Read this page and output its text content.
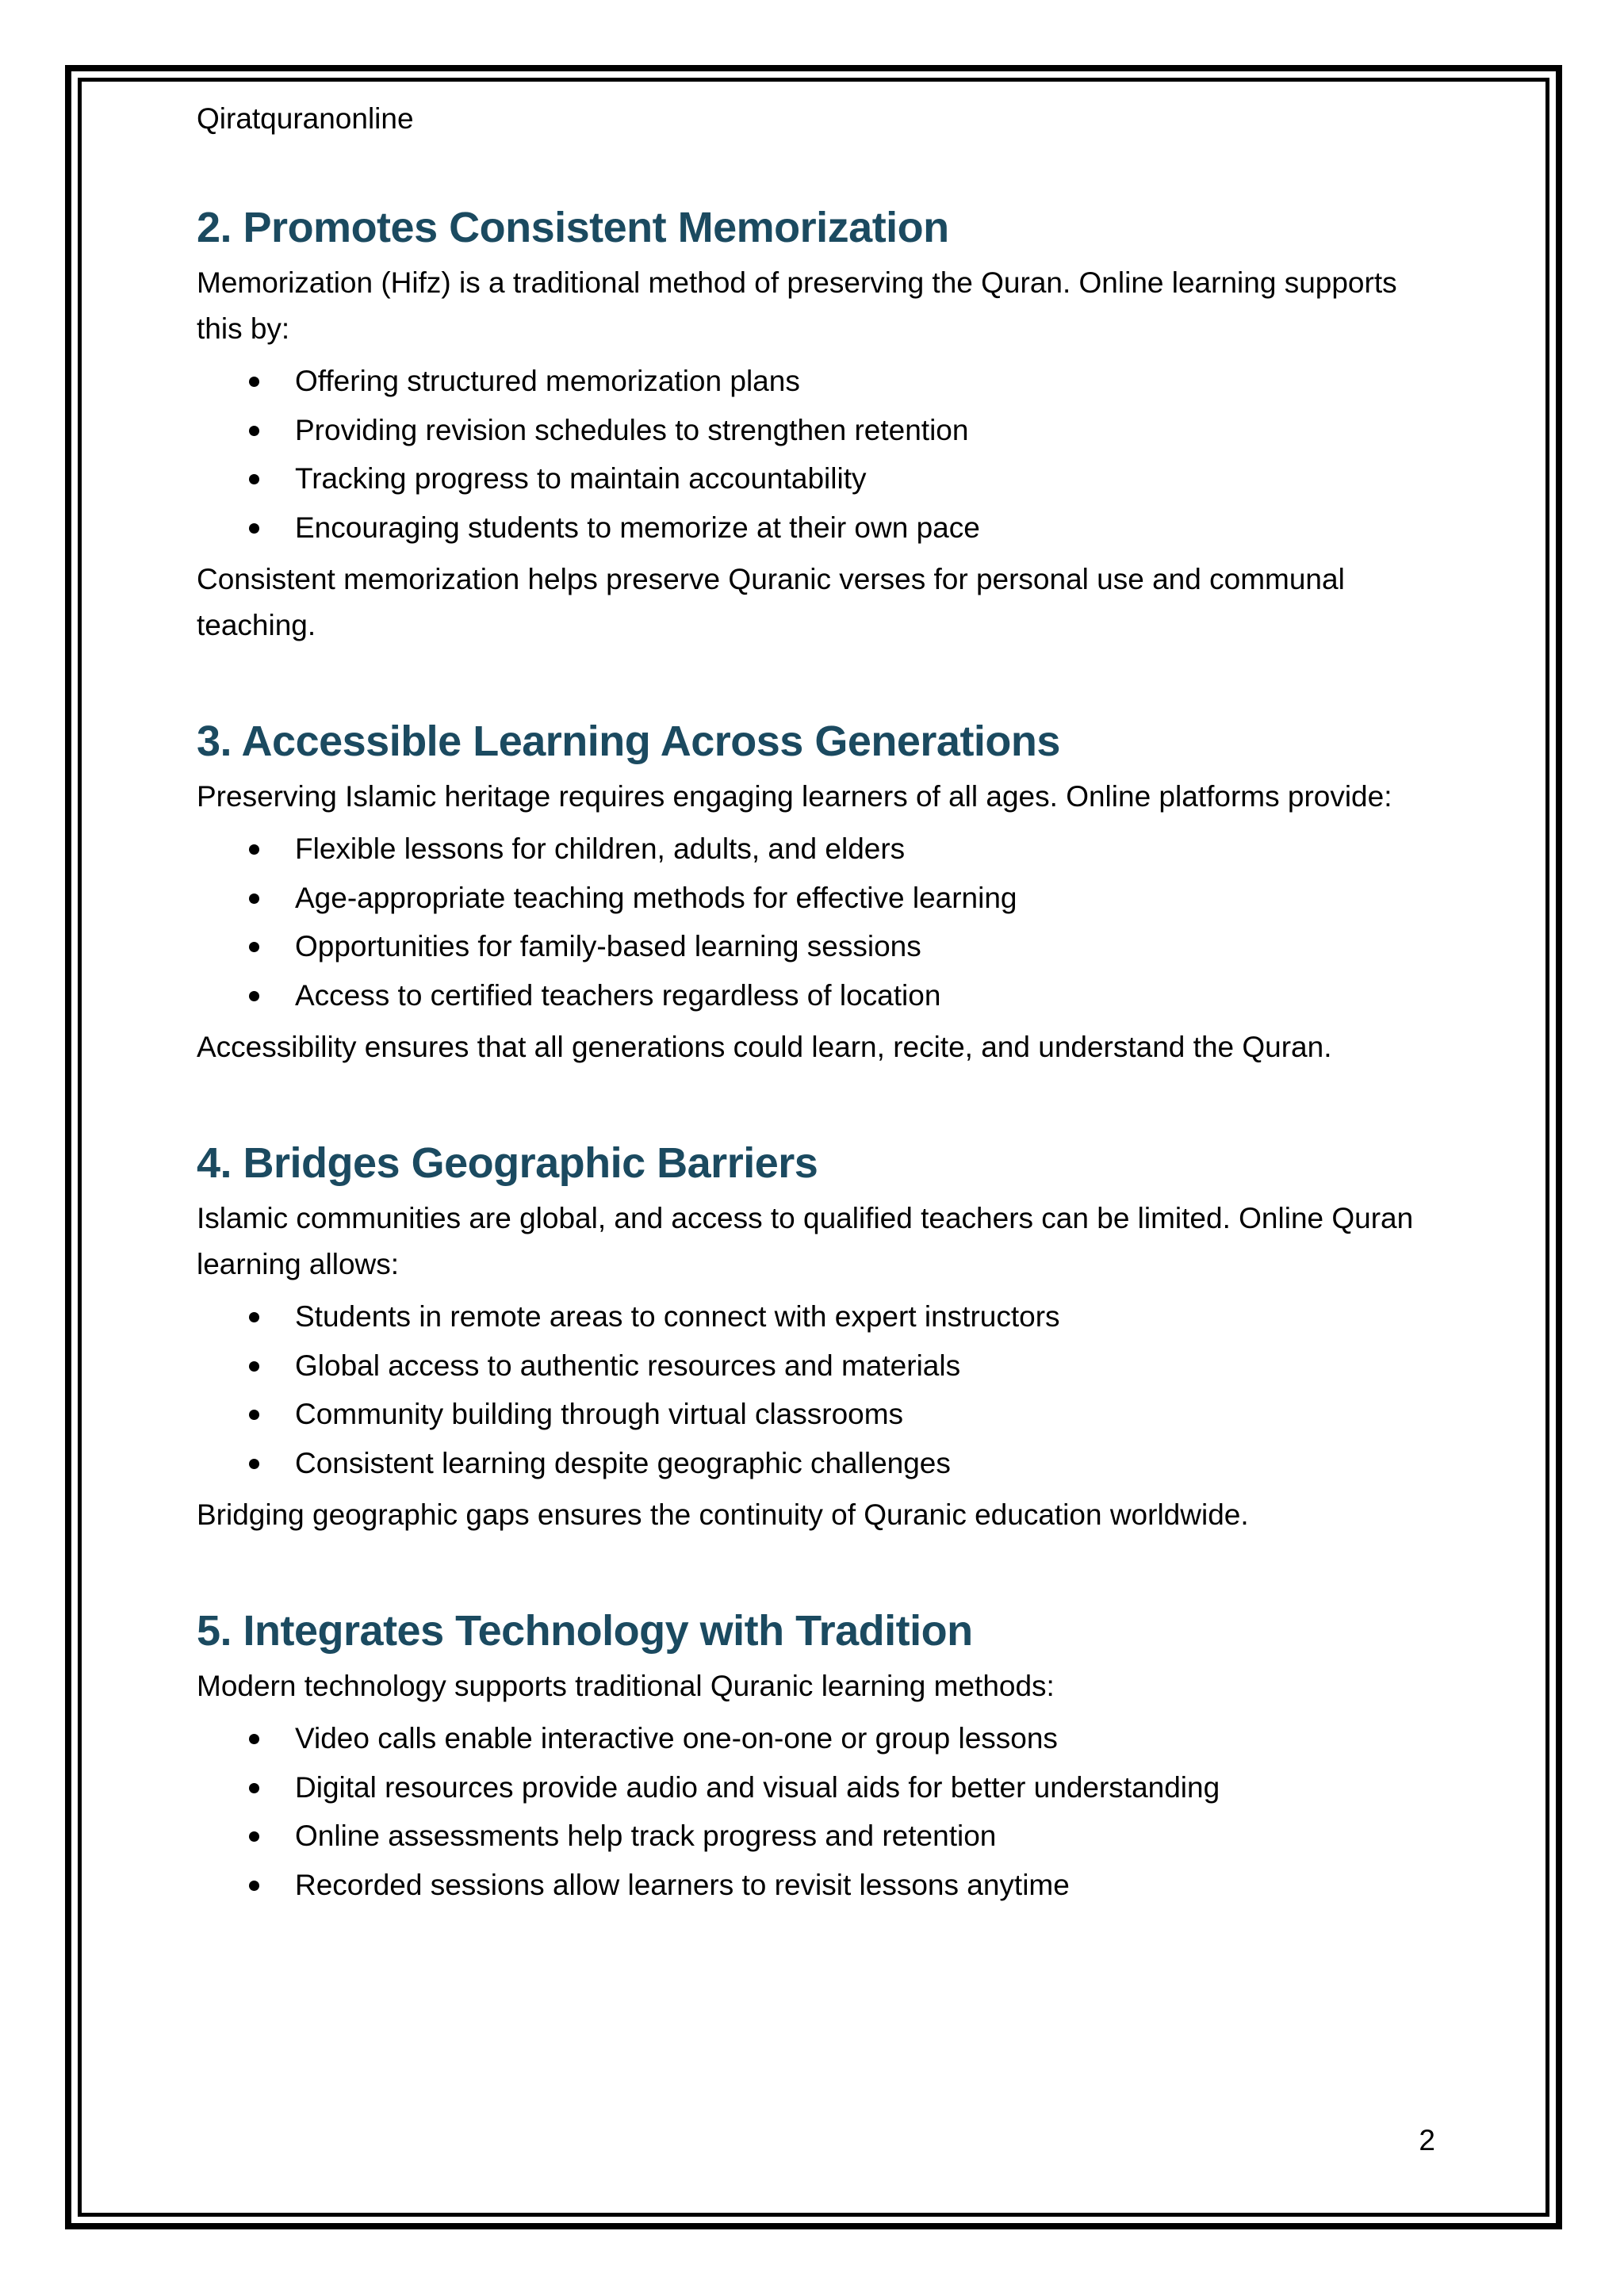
Qiratquranonline

2. Promotes Consistent Memorization

Memorization (Hifz) is a traditional method of preserving the Quran. Online learning supports this by:

Offering structured memorization plans
Providing revision schedules to strengthen retention
Tracking progress to maintain accountability
Encouraging students to memorize at their own pace

Consistent memorization helps preserve Quranic verses for personal use and communal teaching.

3. Accessible Learning Across Generations

Preserving Islamic heritage requires engaging learners of all ages. Online platforms provide:

Flexible lessons for children, adults, and elders
Age-appropriate teaching methods for effective learning
Opportunities for family-based learning sessions
Access to certified teachers regardless of location

Accessibility ensures that all generations could learn, recite, and understand the Quran.

4. Bridges Geographic Barriers

Islamic communities are global, and access to qualified teachers can be limited. Online Quran learning allows:

Students in remote areas to connect with expert instructors
Global access to authentic resources and materials
Community building through virtual classrooms
Consistent learning despite geographic challenges

Bridging geographic gaps ensures the continuity of Quranic education worldwide.

5. Integrates Technology with Tradition

Modern technology supports traditional Quranic learning methods:

Video calls enable interactive one-on-one or group lessons
Digital resources provide audio and visual aids for better understanding
Online assessments help track progress and retention
Recorded sessions allow learners to revisit lessons anytime
2
